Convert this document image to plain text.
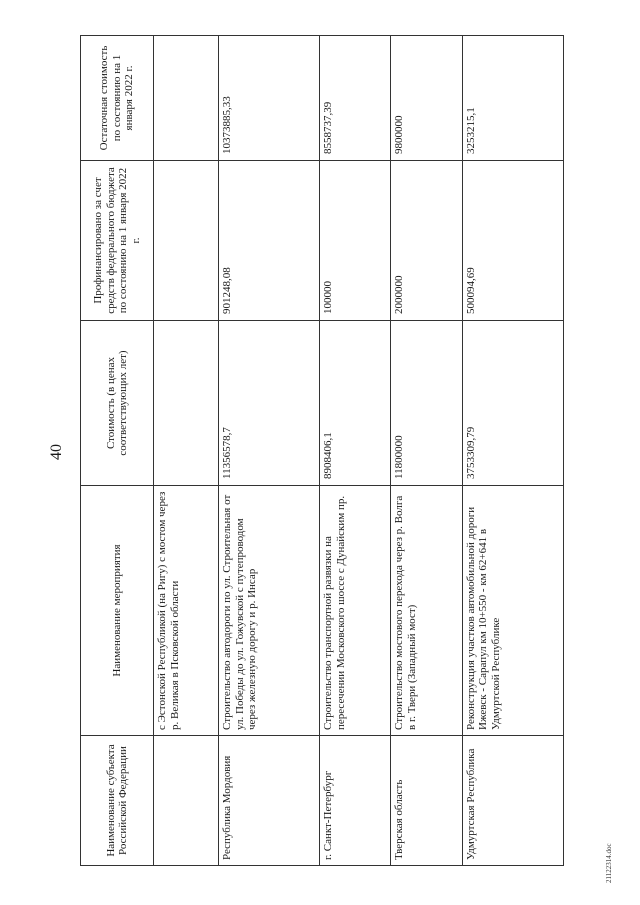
40
Наименование субъекта Российской Федерации	Наименование мероприятия	Стоимость (в ценах соответствующих лет)	Профинансировано за счет средств федерального бюджета по состоянию на 1 января 2022 г.	Остаточная стоимость по состоянию на 1 января 2022 г.
	с Эстонской Республикой (на Ригу) с мостом через р. Великая в Псковской области			
Республика Мордовия	Строительство автодороги по ул. Строительная от ул. Победы до ул. Гожувской с путепроводом через железную дорогу и р. Инсар	11356578,7	901248,08	10373885,33
г. Санкт-Петербург	Строительство транспортной развязки на пересечении Московского шоссе с Дунайским пр.	8908406,1	100000	8558737,39
Тверская область	Строительство мостового перехода через р. Волга в г. Твери (Западный мост)	11800000	2000000	9800000
Удмуртская Республика	Реконструкция участков автомобильной дороги Ижевск - Сарапул км 10+550 - км 62+641 в Удмуртской Республике	3753309,79	500094,69	3253215,1
21122314.doc
